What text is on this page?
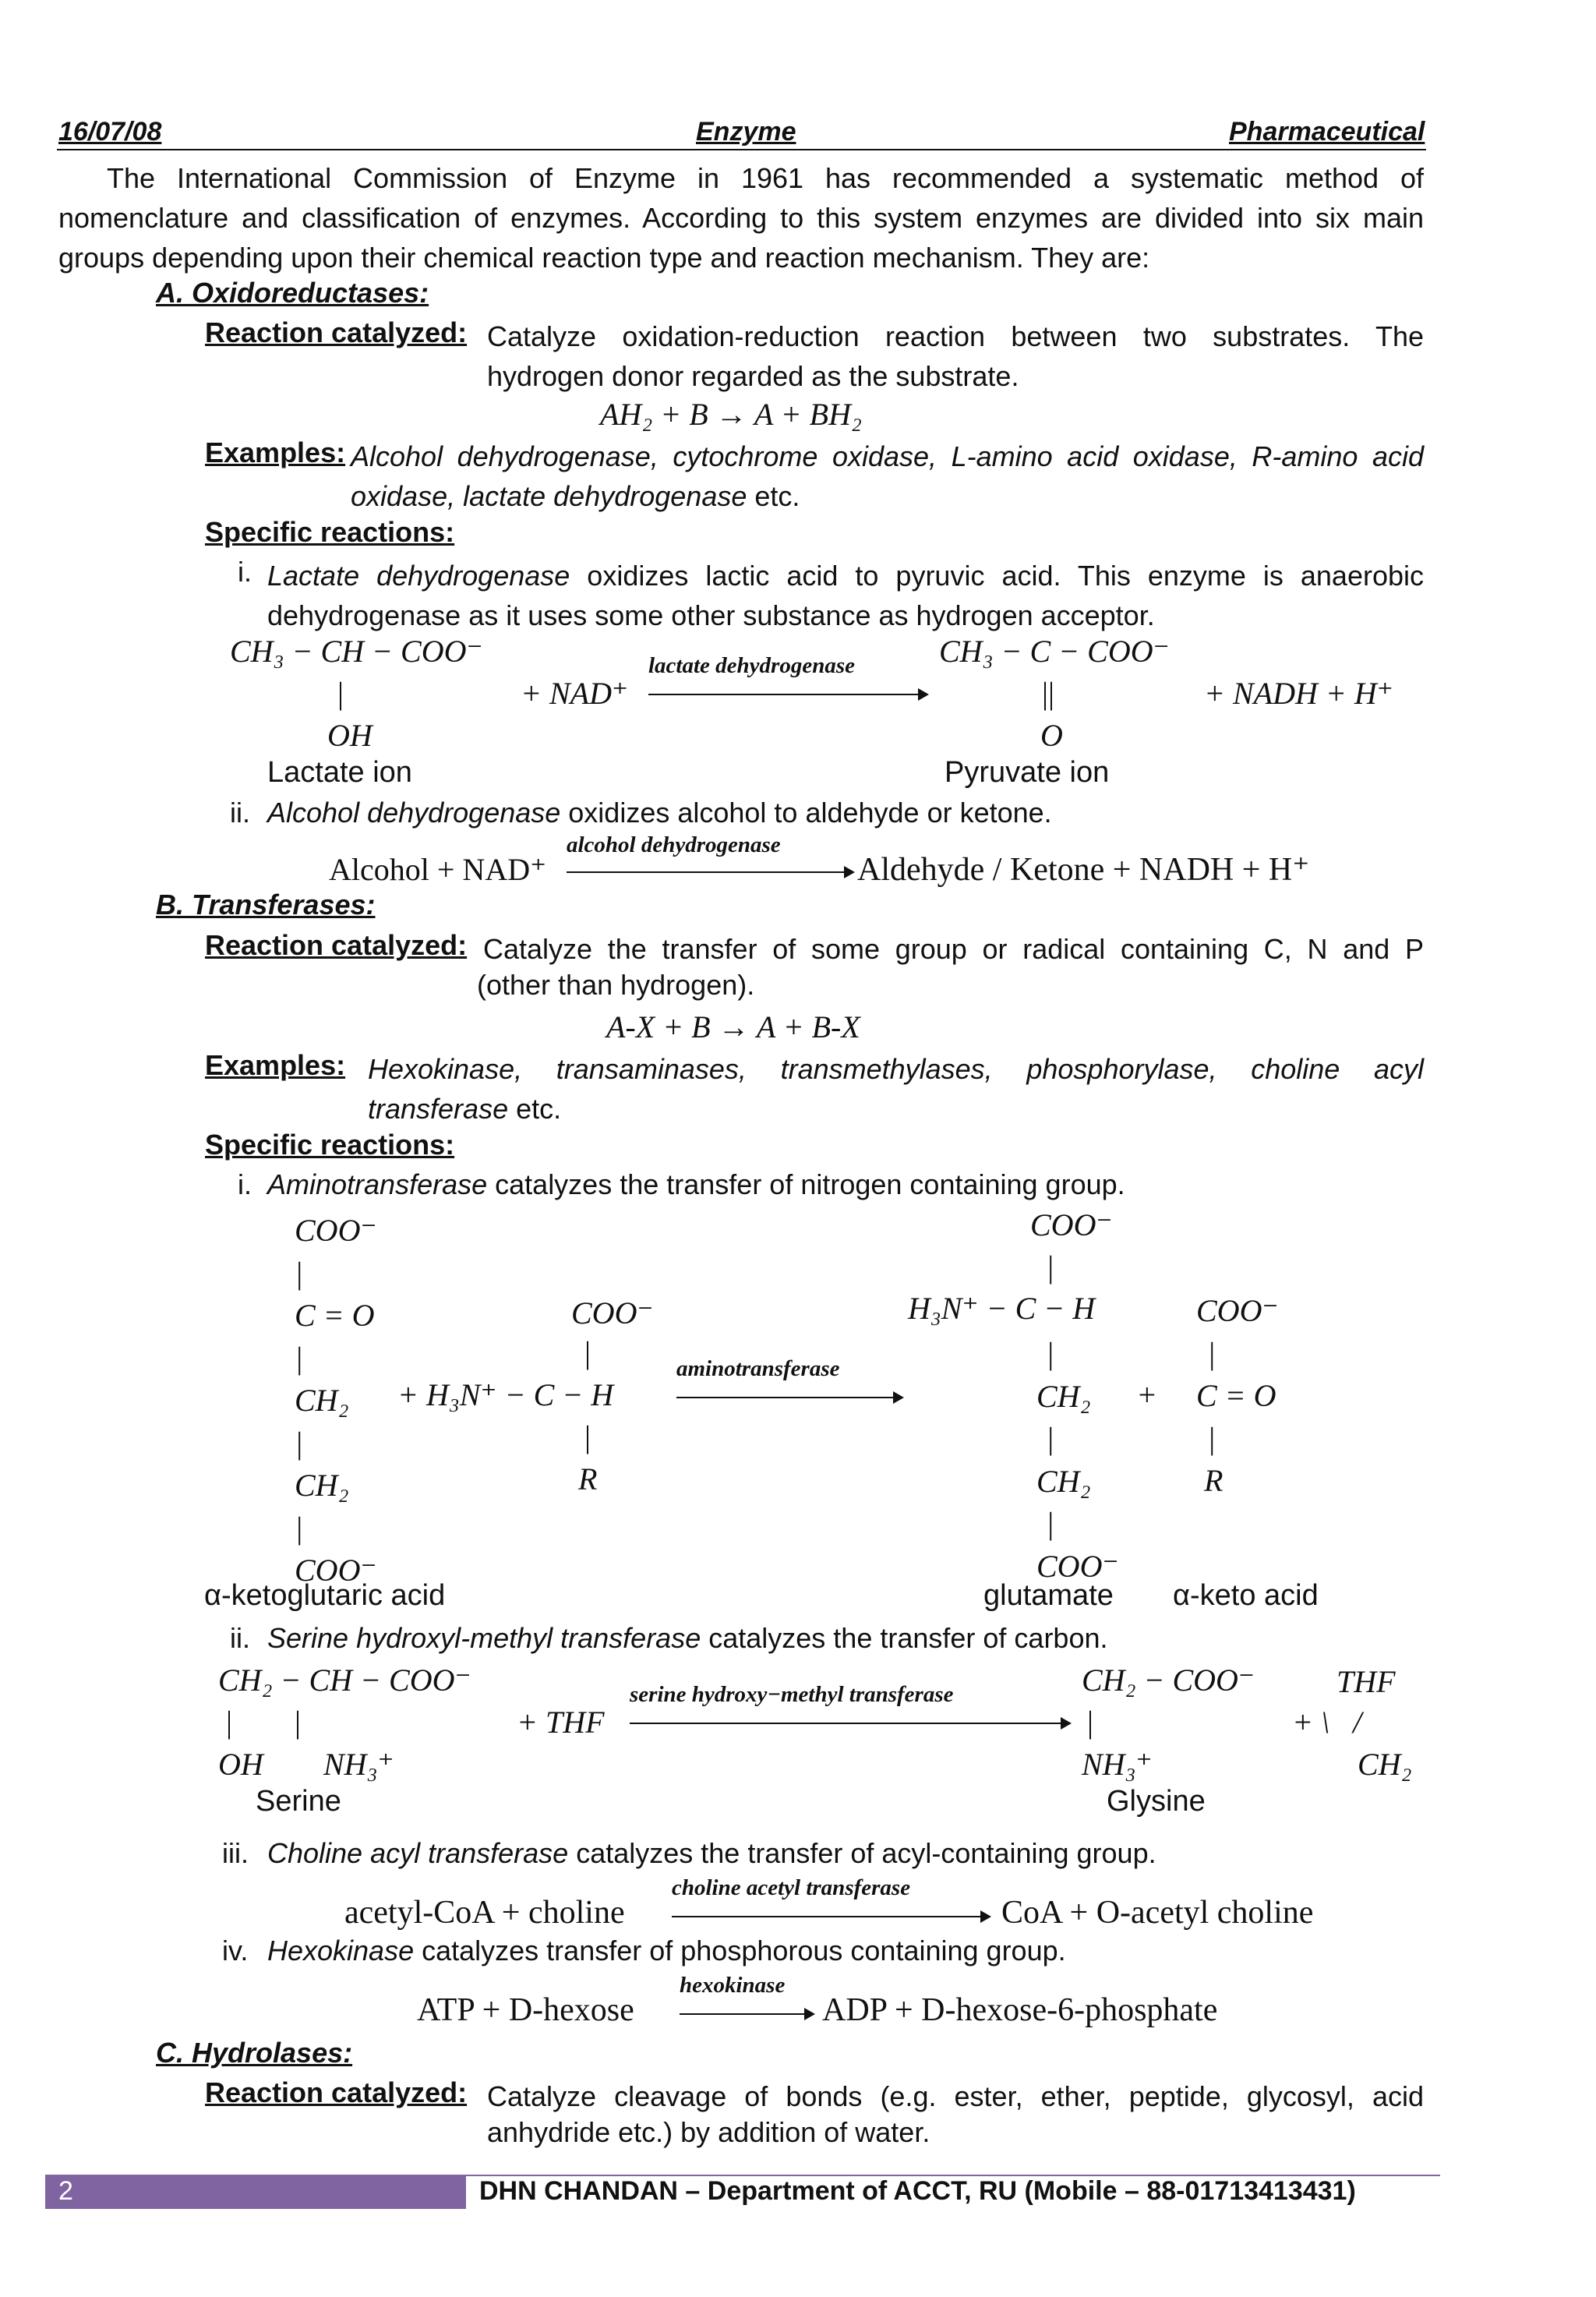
16/07/08	Enzyme	Pharmaceutical
The International Commission of Enzyme in 1961 has recommended a systematic method of nomenclature and classification of enzymes. According to this system enzymes are divided into six main groups depending upon their chemical reaction type and reaction mechanism. They are:
A. Oxidoreductases:
Reaction catalyzed: Catalyze oxidation-reduction reaction between two substrates. The hydrogen donor regarded as the substrate.
AH₂ + B → A + BH₂
Examples: Alcohol dehydrogenase, cytochrome oxidase, L-amino acid oxidase, R-amino acid oxidase, lactate dehydrogenase etc.
Specific reactions:
i. Lactate dehydrogenase oxidizes lactic acid to pyruvic acid. This enzyme is anaerobic dehydrogenase as it uses some other substance as hydrogen acceptor.
CH₃ − CH − COO⁻
|
OH
+ NAD⁺
lactate dehydrogenase	CH₃ − C − COO⁻
||
O
+ NADH + H⁺
Lactate ion	Pyruvate ion
ii. Alcohol dehydrogenase oxidizes alcohol to aldehyde or ketone.
Alcohol + NAD⁺
alcohol dehydrogenase
Aldehyde / Ketone + NADH + H⁺
B. Transferases:
Reaction catalyzed: Catalyze the transfer of some group or radical containing C, N and P
(other than hydrogen).
A-X + B → A + B-X
Examples: Hexokinase, transaminases, transmethylases, phosphorylase, choline acyl transferase etc.
Specific reactions:
i. Aminotransferase catalyzes the transfer of nitrogen containing group.
COO⁻
|
C = O
|
CH₂
|
CH₂
|
COO⁻
COO⁻
|
+ H₃N⁺ − C − H
|
R
aminotransferase
COO⁻
|
H₃N⁺ − C − H
|
CH₂
|
CH₂
|
COO⁻
+
COO⁻
|
C = O
|
R
α-ketoglutaric acid	glutamate α-keto acid
ii. Serine hydroxyl-methyl transferase catalyzes the transfer of carbon.
CH₂ − CH − COO⁻
|        |
OH NH₃⁺
+ THF
serine hydroxy−methyl transferase	CH₂ − COO⁻
|
NH₃⁺
THF
+ \   /
CH₂
Serine	Glysine
iii. Choline acyl transferase catalyzes the transfer of acyl-containing group.
acetyl-CoA + choline
choline acetyl transferase
CoA + O-acetyl choline
iv. Hexokinase catalyzes transfer of phosphorous containing group.
ATP + D-hexose
hexokinase
ADP + D-hexose-6-phosphate
C. Hydrolases:
Reaction catalyzed: Catalyze cleavage of bonds (e.g. ester, ether, peptide, glycosyl, acid
anhydride etc.) by addition of water.
2	DHN CHANDAN – Department of ACCT, RU (Mobile – 88-01713413431)
